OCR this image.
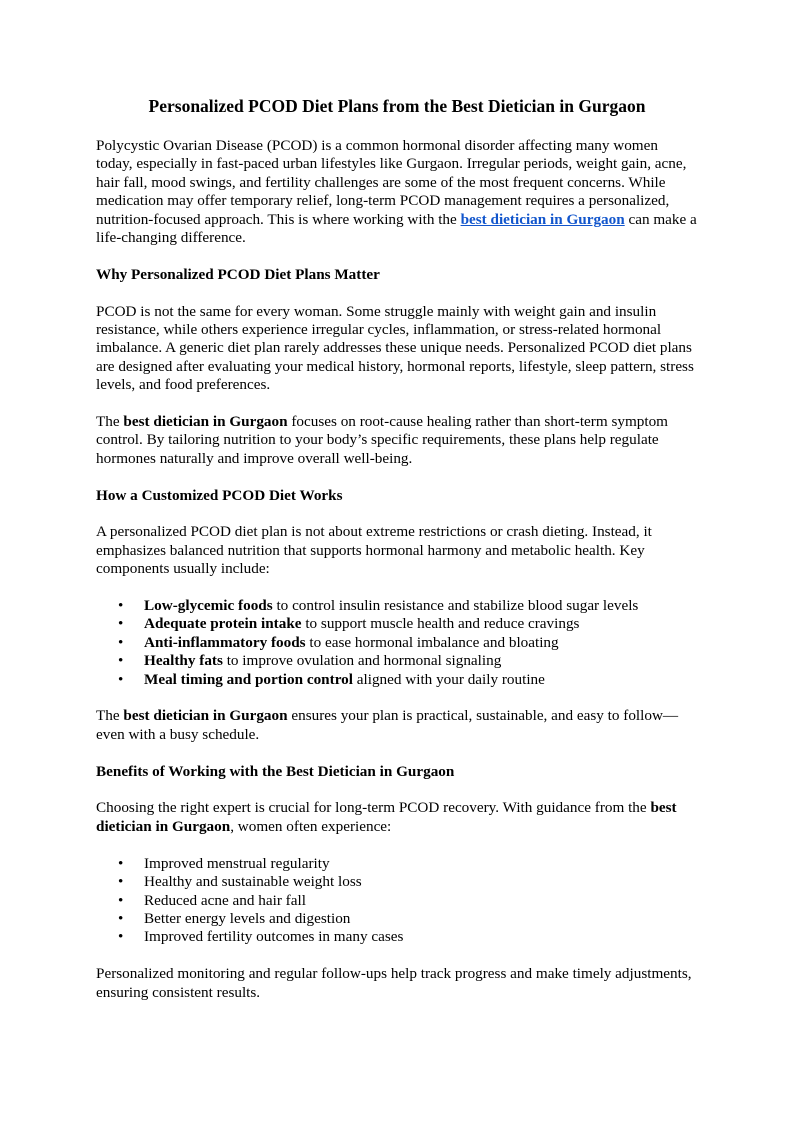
Personalized PCOD Diet Plans from the Best Dietician in Gurgaon

Polycystic Ovarian Disease (PCOD) is a common hormonal disorder affecting many women today, especially in fast-paced urban lifestyles like Gurgaon. Irregular periods, weight gain, acne, hair fall, mood swings, and fertility challenges are some of the most frequent concerns. While medication may offer temporary relief, long-term PCOD management requires a personalized, nutrition-focused approach. This is where working with the best dietician in Gurgaon can make a life-changing difference.

Why Personalized PCOD Diet Plans Matter

PCOD is not the same for every woman. Some struggle mainly with weight gain and insulin resistance, while others experience irregular cycles, inflammation, or stress-related hormonal imbalance. A generic diet plan rarely addresses these unique needs. Personalized PCOD diet plans are designed after evaluating your medical history, hormonal reports, lifestyle, sleep pattern, stress levels, and food preferences.

The best dietician in Gurgaon focuses on root-cause healing rather than short-term symptom control. By tailoring nutrition to your body’s specific requirements, these plans help regulate hormones naturally and improve overall well-being.

How a Customized PCOD Diet Works

A personalized PCOD diet plan is not about extreme restrictions or crash dieting. Instead, it emphasizes balanced nutrition that supports hormonal harmony and metabolic health. Key components usually include:

• Low-glycemic foods to control insulin resistance and stabilize blood sugar levels
• Adequate protein intake to support muscle health and reduce cravings
• Anti-inflammatory foods to ease hormonal imbalance and bloating
• Healthy fats to improve ovulation and hormonal signaling
• Meal timing and portion control aligned with your daily routine

The best dietician in Gurgaon ensures your plan is practical, sustainable, and easy to follow—even with a busy schedule.

Benefits of Working with the Best Dietician in Gurgaon

Choosing the right expert is crucial for long-term PCOD recovery. With guidance from the best dietician in Gurgaon, women often experience:

• Improved menstrual regularity
• Healthy and sustainable weight loss
• Reduced acne and hair fall
• Better energy levels and digestion
• Improved fertility outcomes in many cases

Personalized monitoring and regular follow-ups help track progress and make timely adjustments, ensuring consistent results.
